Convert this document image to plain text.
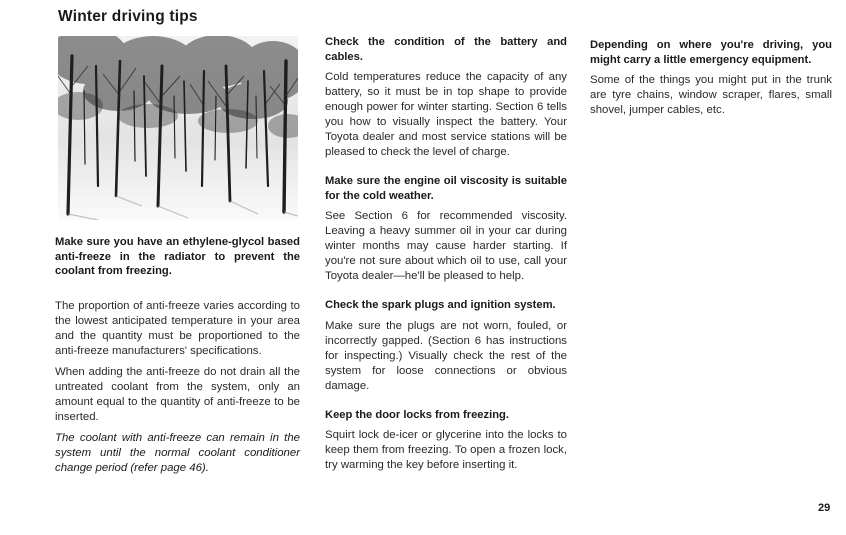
Winter driving tips

Make sure you have an ethylene-glycol based anti-freeze in the radiator to prevent the coolant from freezing.

The proportion of anti-freeze varies according to the lowest anticipated temperature in your area and the quantity must be proportioned to the anti-freeze manufacturers' specifications.

When adding the anti-freeze do not drain all the untreated coolant from the system, only an amount equal to the quantity of anti-freeze to be inserted.

The coolant with anti-freeze can remain in the system until the normal coolant conditioner change period (refer page 46).

Check the condition of the battery and cables.

Cold temperatures reduce the capacity of any battery, so it must be in top shape to provide enough power for winter starting. Section 6 tells you how to visually inspect the battery. Your Toyota dealer and most service stations will be pleased to check the level of charge.

Make sure the engine oil viscosity is suitable for the cold weather.

See Section 6 for recommended viscosity. Leaving a heavy summer oil in your car during winter months may cause harder starting. If you're not sure about which oil to use, call your Toyota dealer—he'll be pleased to help.

Check the spark plugs and ignition system.

Make sure the plugs are not worn, fouled, or incorrectly gapped. (Section 6 has instructions for inspecting.) Visually check the rest of the system for loose connections or obvious damage.

Keep the door locks from freezing.

Squirt lock de-icer or glycerine into the locks to keep them from freezing. To open a frozen lock, try warming the key before inserting it.

Depending on where you're driving, you might carry a little emergency equipment.

Some of the things you might put in the trunk are tyre chains, window scraper, flares, small shovel, jumper cables, etc.

29
